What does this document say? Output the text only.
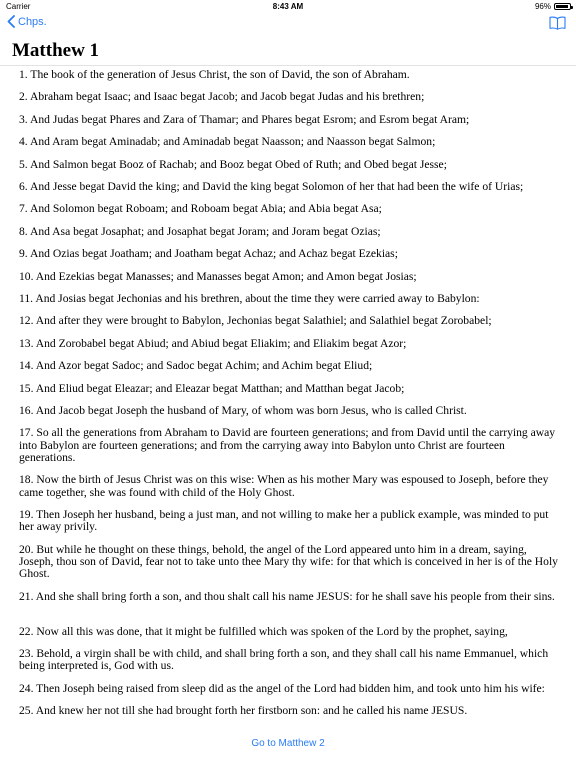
Carrier	8:43 AM	96%
Chps.
Matthew 1

1. The book of the generation of Jesus Christ, the son of David, the son of Abraham.

2. Abraham begat Isaac; and Isaac begat Jacob; and Jacob begat Judas and his brethren;

3. And Judas begat Phares and Zara of Thamar; and Phares begat Esrom; and Esrom begat Aram;

4. And Aram begat Aminadab; and Aminadab begat Naasson; and Naasson begat Salmon;

5. And Salmon begat Booz of Rachab; and Booz begat Obed of Ruth; and Obed begat Jesse;

6. And Jesse begat David the king; and David the king begat Solomon of her that had been the wife of Urias;

7. And Solomon begat Roboam; and Roboam begat Abia; and Abia begat Asa;

8. And Asa begat Josaphat; and Josaphat begat Joram; and Joram begat Ozias;

9. And Ozias begat Joatham; and Joatham begat Achaz; and Achaz begat Ezekias;

10. And Ezekias begat Manasses; and Manasses begat Amon; and Amon begat Josias;

11. And Josias begat Jechonias and his brethren, about the time they were carried away to Babylon:

12. And after they were brought to Babylon, Jechonias begat Salathiel; and Salathiel begat Zorobabel;

13. And Zorobabel begat Abiud; and Abiud begat Eliakim; and Eliakim begat Azor;

14. And Azor begat Sadoc; and Sadoc begat Achim; and Achim begat Eliud;

15. And Eliud begat Eleazar; and Eleazar begat Matthan; and Matthan begat Jacob;

16. And Jacob begat Joseph the husband of Mary, of whom was born Jesus, who is called Christ.

17. So all the generations from Abraham to David are fourteen generations; and from David until the carrying away into Babylon are fourteen generations; and from the carrying away into Babylon unto Christ are fourteen generations.

18. Now the birth of Jesus Christ was on this wise: When as his mother Mary was espoused to Joseph, before they came together, she was found with child of the Holy Ghost.

19. Then Joseph her husband, being a just man, and not willing to make her a publick example, was minded to put her away privily.

20. But while he thought on these things, behold, the angel of the Lord appeared unto him in a dream, saying, Joseph, thou son of David, fear not to take unto thee Mary thy wife: for that which is conceived in her is of the Holy Ghost.

21. And she shall bring forth a son, and thou shalt call his name JESUS: for he shall save his people from their sins.

22. Now all this was done, that it might be fulfilled which was spoken of the Lord by the prophet, saying,

23. Behold, a virgin shall be with child, and shall bring forth a son, and they shall call his name Emmanuel, which being interpreted is, God with us.

24. Then Joseph being raised from sleep did as the angel of the Lord had bidden him, and took unto him his wife:

25. And knew her not till she had brought forth her firstborn son: and he called his name JESUS.

Go to Matthew 2
